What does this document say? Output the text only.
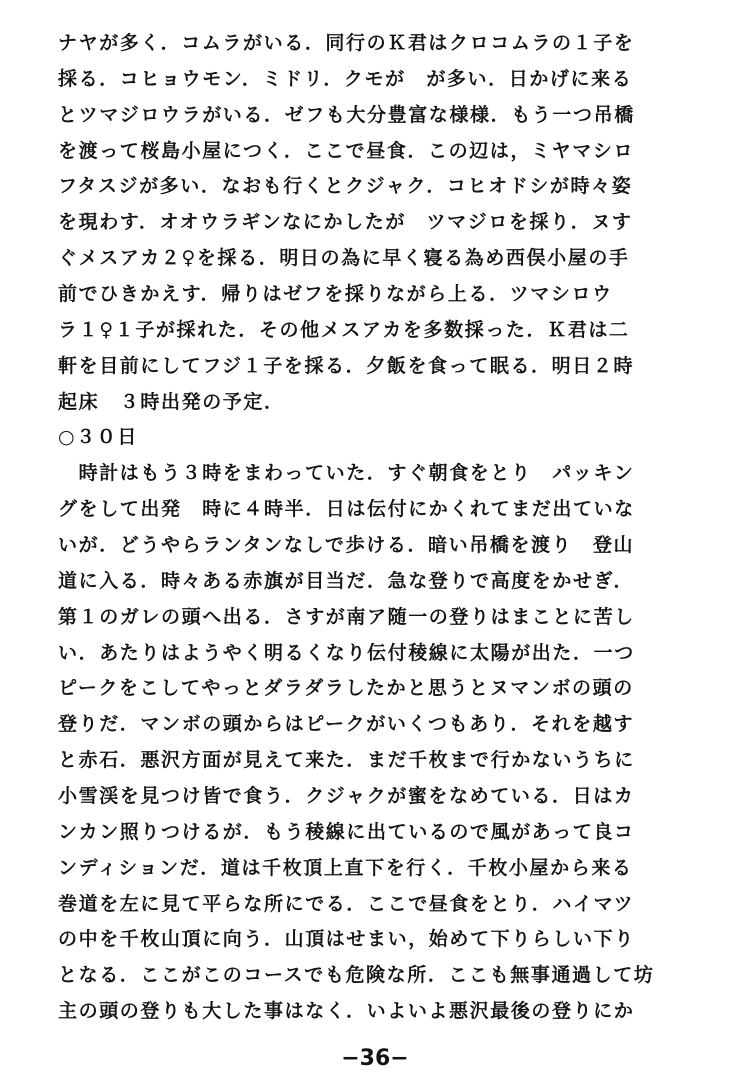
ナヤが多く．コムラがいる．同行のＫ君はクロコムラの１子を
採る．コヒョウモン．ミドリ．クモが　が多い．日かげに来る
とツマジロウラがいる．ゼフも大分豊富な様様．もう一つ吊橋
を渡って桜島小屋につく．ここで昼食．この辺は，ミヤマシロ
フタスジが多い．なおも行くとクジャク．コヒオドシが時々姿
を現わす．オオウラギンなにかしたが　ツマジロを採り．ヌす
ぐメスアカ２♀を採る．明日の為に早く寝る為め西俣小屋の手
前でひきかえす．帰りはゼフを採りながら上る．ツマシロウ
ラ１♀１子が採れた．その他メスアカを多数採った．Ｋ君は二
軒を目前にしてフジ１子を採る．夕飯を食って眠る．明日２時
起床　３時出発の予定．
○３０日
　時計はもう３時をまわっていた．すぐ朝食をとり　パッキン
グをして出発　時に４時半．日は伝付にかくれてまだ出ていな
いが．どうやらランタンなしで歩ける．暗い吊橋を渡り　登山
道に入る．時々ある赤旗が目当だ．急な登りで高度をかせぎ．
第１のガレの頭へ出る．さすが南ア随一の登りはまことに苦し
い．あたりはようやく明るくなり伝付稜線に太陽が出た．一つ
ピークをこしてやっとダラダラしたかと思うとヌマンボの頭の
登りだ．マンボの頭からはピークがいくつもあり．それを越す
と赤石．悪沢方面が見えて来た．まだ千枚まで行かないうちに
小雪渓を見つけ皆で食う．クジャクが蜜をなめている．日はカ
ンカン照りつけるが．もう稜線に出ているので風があって良コ
ンディションだ．道は千枚頂上直下を行く．千枚小屋から来る
巻道を左に見て平らな所にでる．ここで昼食をとり．ハイマツ
の中を千枚山頂に向う．山頂はせまい，始めて下りらしい下り
−36−
となる．ここがこのコースでも危険な所．ここも無事通過して坊
主の頭の登りも大した事はなく．いよいよ悪沢最後の登りにか
